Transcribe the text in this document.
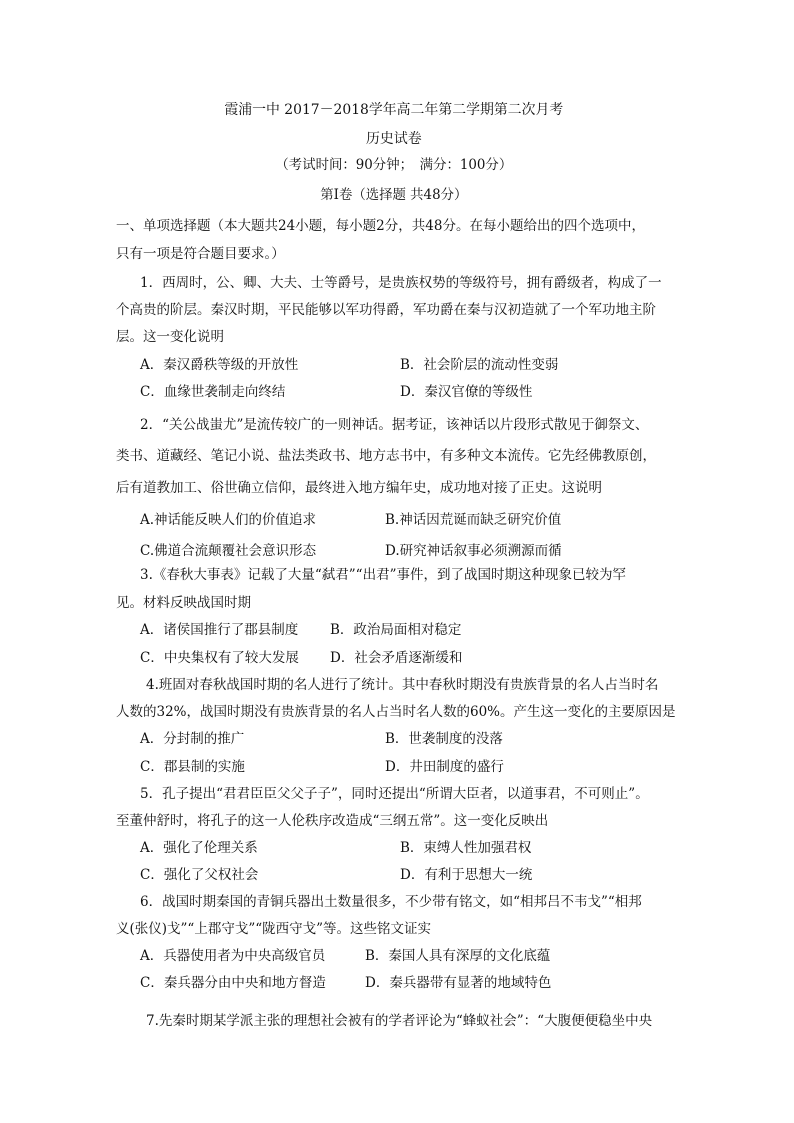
霞浦一中 2017－2018学年高二年第二学期第二次月考
历史试卷
（考试时间：90分钟；　满分：100分）
第Ⅰ卷（选择题 共48分）
一、单项选择题（本大题共24小题，每小题2分，共48分。在每小题给出的四个选项中，
只有一项是符合题目要求。）
1．西周时，公、卿、大夫、士等爵号，是贵族权势的等级符号，拥有爵级者，构成了一
个高贵的阶层。秦汉时期，平民能够以军功得爵，军功爵在秦与汉初造就了一个军功地主阶
层。这一变化说明
A．秦汉爵秩等级的开放性	B．社会阶层的流动性变弱
C．血缘世袭制走向终结	D．秦汉官僚的等级性
2．“关公战蚩尤”是流传较广的一则神话。据考证，该神话以片段形式散见于御祭文、
类书、道藏经、笔记小说、盐法类政书、地方志书中，有多种文本流传。它先经佛教原创，
后有道教加工、俗世确立信仰，最终进入地方编年史，成功地对接了正史。这说明
A.神话能反映人们的价值追求	B.神话因荒诞而缺乏研究价值
C.佛道合流颠覆社会意识形态	D.研究神话叙事必须溯源而循
3.《春秋大事表》记载了大量“弑君”“出君”事件，到了战国时期这种现象已较为罕
见。材料反映战国时期
A．诸侯国推行了郡县制度 B．政治局面相对稳定
C．中央集权有了较大发展 D．社会矛盾逐渐缓和
4.班固对春秋战国时期的名人进行了统计。其中春秋时期没有贵族背景的名人占当时名
人数的32%，战国时期没有贵族背景的名人占当时名人数的60%。产生这一变化的主要原因是
A．分封制的推广	B．世袭制度的没落
C．郡县制的实施	D．井田制度的盛行
5．孔子提出“君君臣臣父父子子”，同时还提出“所谓大臣者，以道事君，不可则止”。
至董仲舒时，将孔子的这一人伦秩序改造成“三纲五常”。这一变化反映出
A．强化了伦理关系	B．束缚人性加强君权
C．强化了父权社会	D．有利于思想大一统
6．战国时期秦国的青铜兵器出土数量很多，不少带有铭文，如“相邦吕不韦戈”“相邦
义(张仪)戈”“上郡守戈”“陇西守戈”等。这些铭文证实
A．兵器使用者为中央高级官员	B．秦国人具有深厚的文化底蕴
C．秦兵器分由中央和地方督造	D．秦兵器带有显著的地域特色
7.先秦时期某学派主张的理想社会被有的学者评论为“蜂蚁社会”：“大腹便便稳坐中央
